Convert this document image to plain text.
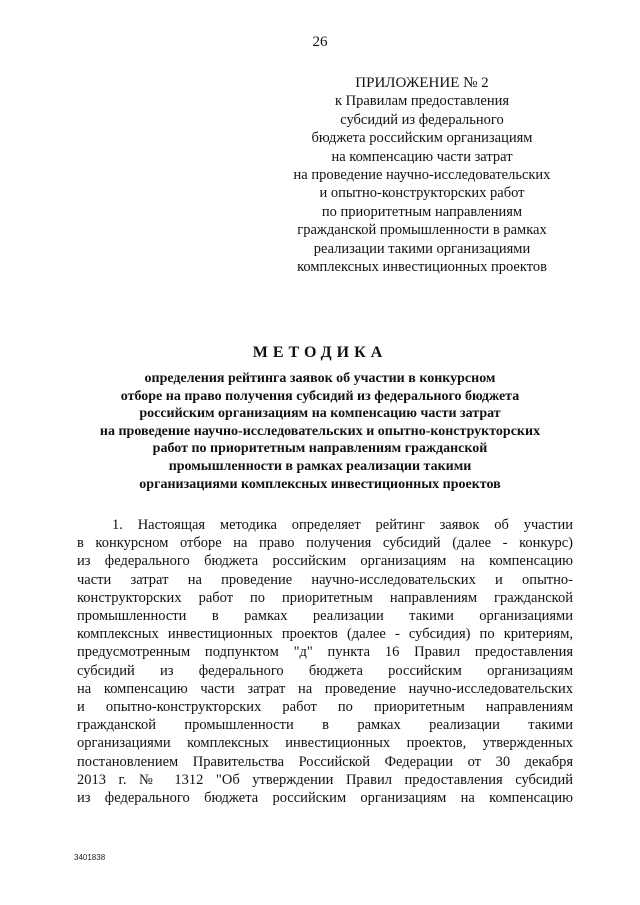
26
ПРИЛОЖЕНИЕ № 2
к Правилам предоставления
субсидий из федерального
бюджета российским организациям
на компенсацию части затрат
на проведение научно-исследовательских
и опытно-конструкторских работ
по приоритетным направлениям
гражданской промышленности в рамках
реализации такими организациями
комплексных инвестиционных проектов
МЕТОДИКА
определения рейтинга заявок об участии в конкурсном
отборе на право получения субсидий из федерального бюджета
российским организациям на компенсацию части затрат
на проведение научно-исследовательских и опытно-конструкторских
работ по приоритетным направлениям гражданской
промышленности в рамках реализации такими
организациями комплексных инвестиционных проектов
1. Настоящая методика определяет рейтинг заявок об участии
в конкурсном отборе на право получения субсидий (далее - конкурс)
из федерального бюджета российским организациям на компенсацию
части затрат на проведение научно-исследовательских и опытно-
конструкторских работ по приоритетным направлениям гражданской
промышленности в рамках реализации такими организациями
комплексных инвестиционных проектов (далее - субсидия) по критериям,
предусмотренным подпунктом "д" пункта 16 Правил предоставления
субсидий из федерального бюджета российским организациям
на компенсацию части затрат на проведение научно-исследовательских
и опытно-конструкторских работ по приоритетным направлениям
гражданской промышленности в рамках реализации такими
организациями комплексных инвестиционных проектов, утвержденных
постановлением Правительства Российской Федерации от 30 декабря
2013 г. № 1312 "Об утверждении Правил предоставления субсидий
из федерального бюджета российским организациям на компенсацию
3401838
